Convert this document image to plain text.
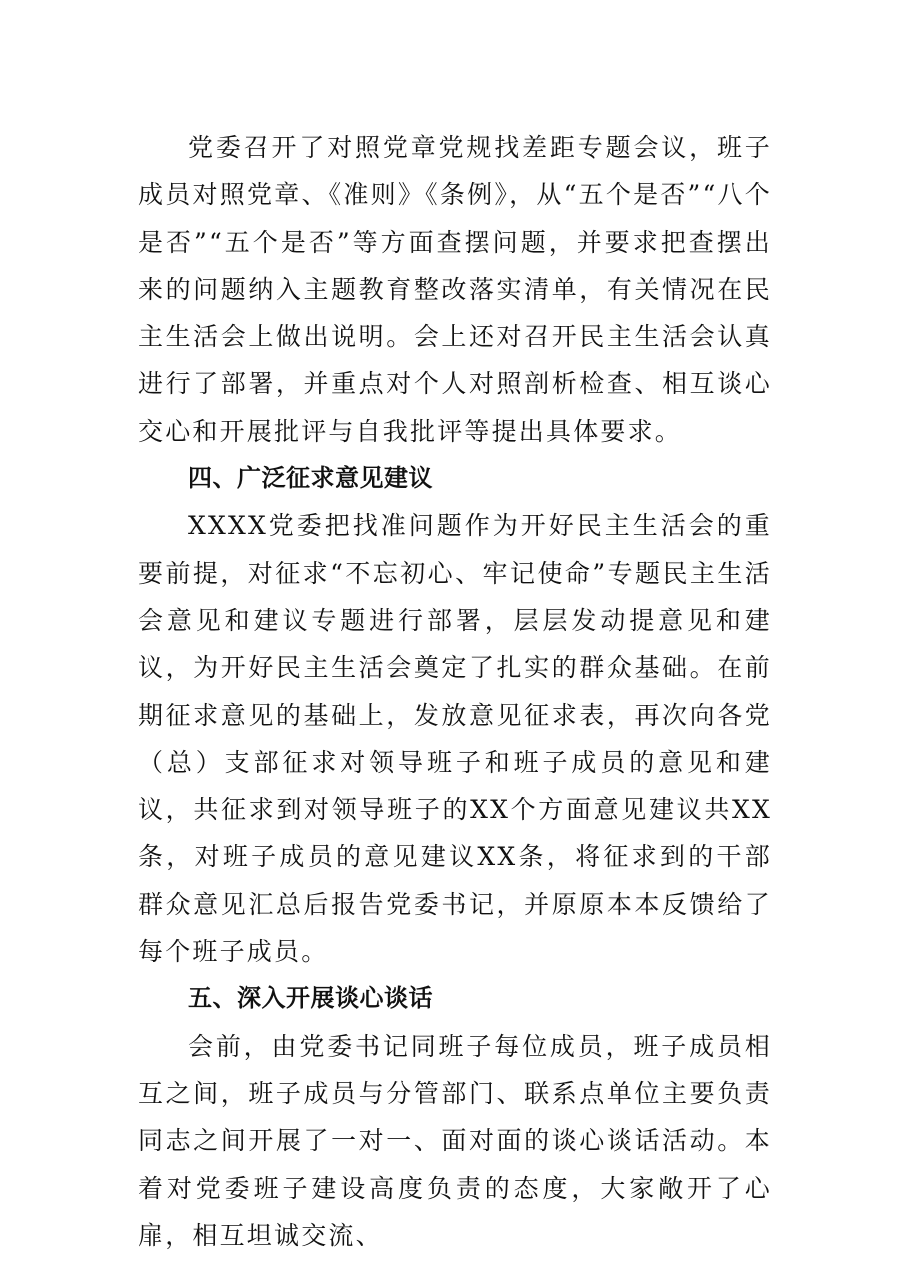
党委召开了对照党章党规找差距专题会议，班子成员对照党章、《准则》《条例》，从“五个是否”“八个是否”“五个是否”等方面查摆问题，并要求把查摆出来的问题纳入主题教育整改落实清单，有关情况在民主生活会上做出说明。会上还对召开民主生活会认真进行了部署，并重点对个人对照剖析检查、相互谈心交心和开展批评与自我批评等提出具体要求。

四、广泛征求意见建议

XXXX党委把找准问题作为开好民主生活会的重要前提，对征求“不忘初心、牢记使命”专题民主生活会意见和建议专题进行部署，层层发动提意见和建议，为开好民主生活会奠定了扎实的群众基础。在前期征求意见的基础上，发放意见征求表，再次向各党（总）支部征求对领导班子和班子成员的意见和建议，共征求到对领导班子的XX个方面意见建议共XX条，对班子成员的意见建议XX条，将征求到的干部群众意见汇总后报告党委书记，并原原本本反馈给了每个班子成员。

五、深入开展谈心谈话

会前，由党委书记同班子每位成员，班子成员相互之间，班子成员与分管部门、联系点单位主要负责同志之间开展了一对一、面对面的谈心谈话活动。本着对党委班子建设高度负责的态度，大家敞开了心扉，相互坦诚交流、
